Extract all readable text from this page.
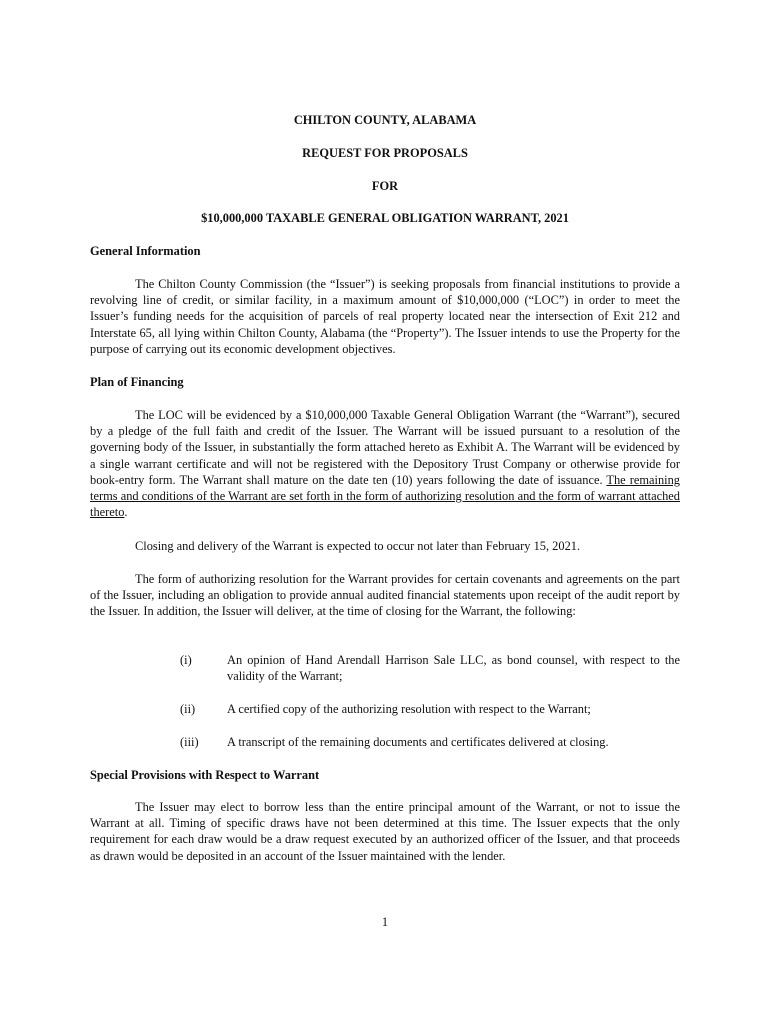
CHILTON COUNTY, ALABAMA

REQUEST FOR PROPOSALS

FOR

$10,000,000 TAXABLE GENERAL OBLIGATION WARRANT, 2021

General Information

The Chilton County Commission (the “Issuer”) is seeking proposals from financial institutions to provide a revolving line of credit, or similar facility, in a maximum amount of $10,000,000 (“LOC”) in order to meet the Issuer’s funding needs for the acquisition of parcels of real property located near the intersection of Exit 212 and Interstate 65, all lying within Chilton County, Alabama (the “Property”). The Issuer intends to use the Property for the purpose of carrying out its economic development objectives.

Plan of Financing

The LOC will be evidenced by a $10,000,000 Taxable General Obligation Warrant (the “Warrant”), secured by a pledge of the full faith and credit of the Issuer. The Warrant will be issued pursuant to a resolution of the governing body of the Issuer, in substantially the form attached hereto as Exhibit A. The Warrant will be evidenced by a single warrant certificate and will not be registered with the Depository Trust Company or otherwise provide for book-entry form. The Warrant shall mature on the date ten (10) years following the date of issuance. The remaining terms and conditions of the Warrant are set forth in the form of authorizing resolution and the form of warrant attached thereto.

Closing and delivery of the Warrant is expected to occur not later than February 15, 2021.

The form of authorizing resolution for the Warrant provides for certain covenants and agreements on the part of the Issuer, including an obligation to provide annual audited financial statements upon receipt of the audit report by the Issuer. In addition, the Issuer will deliver, at the time of closing for the Warrant, the following:

(i)	An opinion of Hand Arendall Harrison Sale LLC, as bond counsel, with respect to the validity of the Warrant;
(ii)	A certified copy of the authorizing resolution with respect to the Warrant;
(iii) A transcript of the remaining documents and certificates delivered at closing.

Special Provisions with Respect to Warrant

The Issuer may elect to borrow less than the entire principal amount of the Warrant, or not to issue the Warrant at all. Timing of specific draws have not been determined at this time. The Issuer expects that the only requirement for each draw would be a draw request executed by an authorized officer of the Issuer, and that proceeds as drawn would be deposited in an account of the Issuer maintained with the lender.

1
